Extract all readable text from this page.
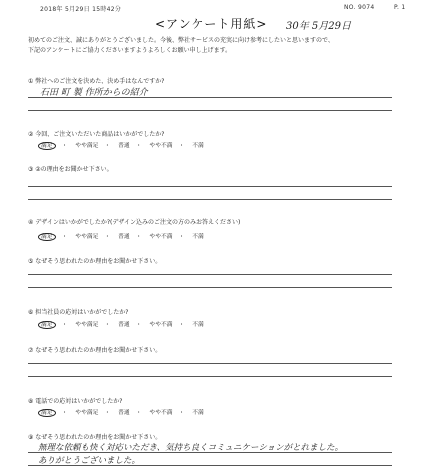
2018年 5月29日 15時42分	NO. 9074	P. 1
<アンケート用紙> 30年 5月29日
初めてのご注文、誠にありがとうございました。今後、弊社サービスの充実に向け参考にしたいと思いますので、
下記のアンケートにご協力くださいますようよろしくお願い申し上げます。
① 弊社へのご注文を決めた、決め手はなんですか?
石田 町 製 作所からの紹介
② 今回、ご注文いただいた商品はいかがでしたか?
満足 ・ やや満足 ・ 普通 ・ やや不満 ・ 不満
③ ②の理由をお聞かせ下さい。
④ デザインはいかがでしたか?(デザイン込みのご注文の方のみお答えください)
満足 ・ やや満足 ・ 普通 ・ やや不満 ・ 不満
⑤ なぜそう思われたのか理由をお聞かせ下さい。
⑥ 担当社員の応対はいかがでしたか?
満足 ・ やや満足 ・ 普通 ・ やや不満 ・ 不満
⑦ なぜそう思われたのか理由をお聞かせ下さい。
⑧ 電話での応対はいかがでしたか?
満足 ・ やや満足 ・ 普通 ・ やや不満 ・ 不満
⑨ なぜそう思われたのか理由をお聞かせ下さい。
無理な依頼も快く対応いただき、気持ち良くコミュニケーションがとれました。
ありがとうございました。
